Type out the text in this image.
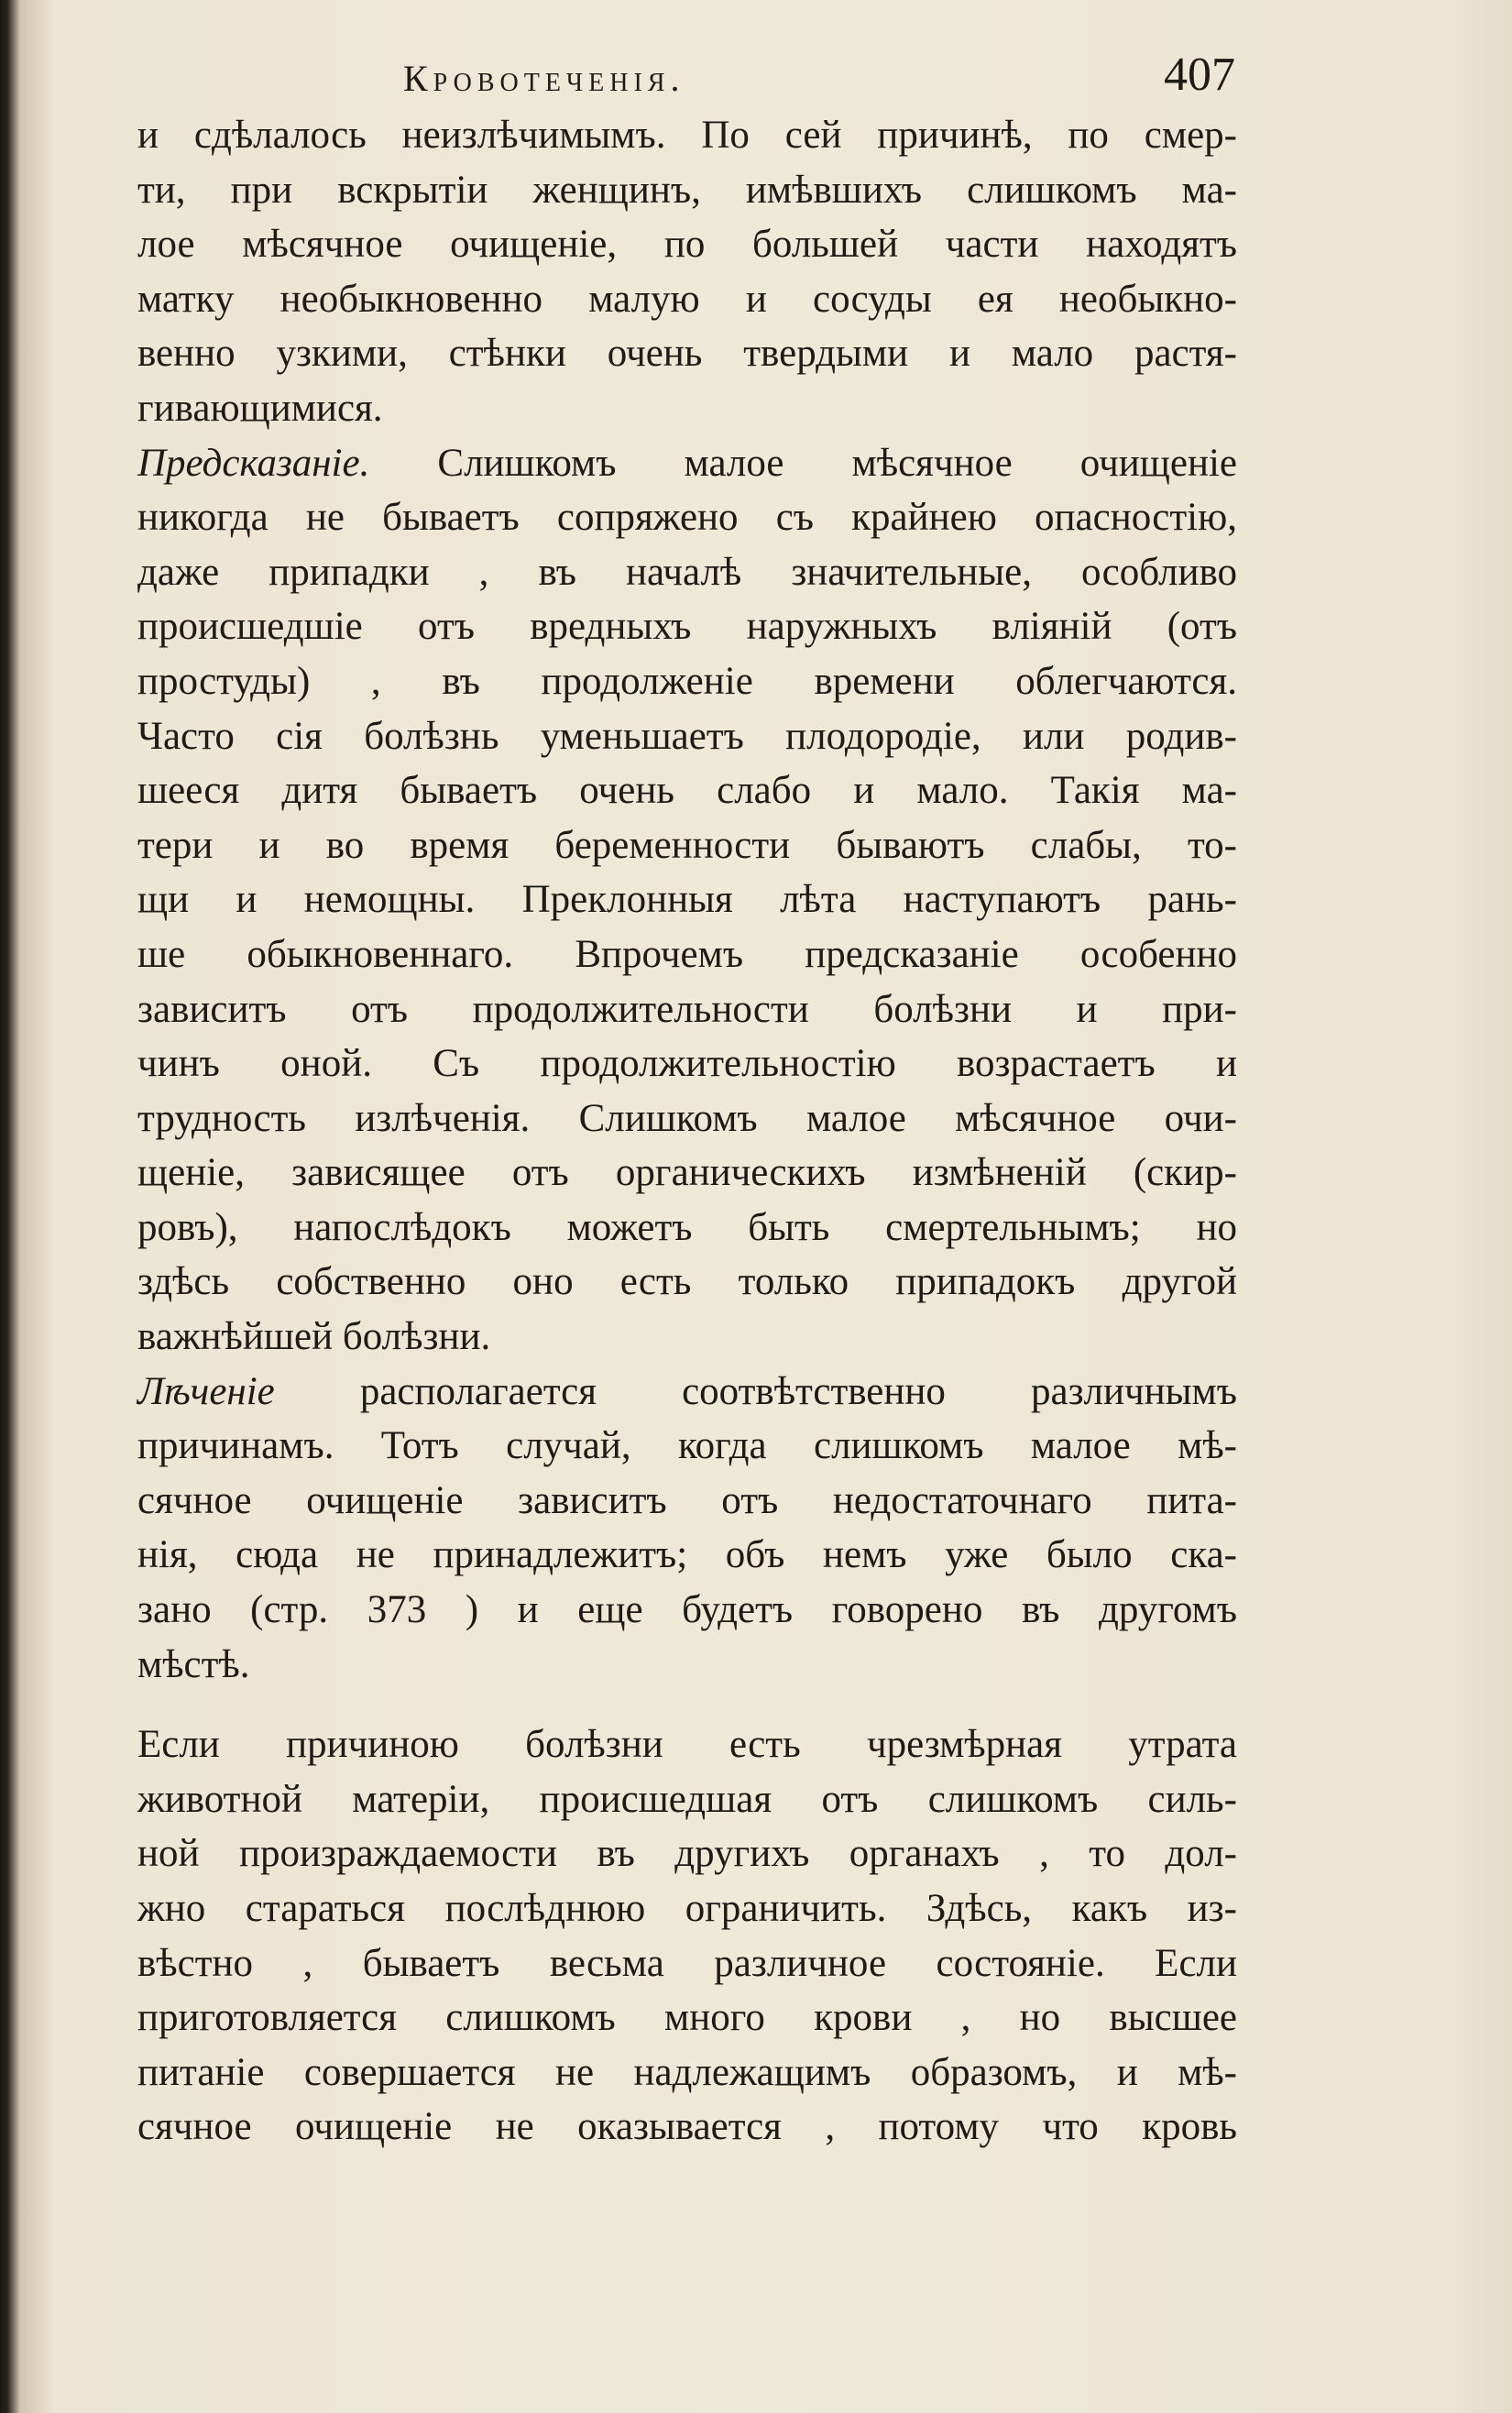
Кровотеченія.	407
и сдѣлалось неизлѣчимымъ. По сей причинѣ, по смер-
ти, при вскрытіи женщинъ, имѣвшихъ слишкомъ ма-
лое мѣсячное очищеніе, по большей части находятъ
матку необыкновенно малую и сосуды ея необыкно-
венно узкими, стѣнки очень твердыми и мало растя-
гивающимися.
Предсказаніе. Слишкомъ малое мѣсячное очищеніе
никогда не бываетъ сопряжено съ крайнею опасностію,
даже припадки , въ началѣ значительные, особливо
происшедшіе отъ вредныхъ наружныхъ вліяній (отъ
простуды) , въ продолженіе времени облегчаются.
Часто сія болѣзнь уменьшаетъ плодородіе, или родив-
шееся дитя бываетъ очень слабо и мало. Такія ма-
тери и во время беременности бываютъ слабы, то-
щи и немощны. Преклонныя лѣта наступаютъ рань-
ше обыкновеннаго. Впрочемъ предсказаніе особенно
зависитъ отъ продолжительности болѣзни и при-
чинъ оной. Съ продолжительностію возрастаетъ и
трудность излѣченія. Слишкомъ малое мѣсячное очи-
щеніе, зависящее отъ органическихъ измѣненій (скир-
ровъ), напослѣдокъ можетъ быть смертельнымъ; но
здѣсь собственно оно есть только припадокъ другой
важнѣйшей болѣзни.
Лѣченіе располагается соотвѣтственно различнымъ
причинамъ. Тотъ случай, когда слишкомъ малое мѣ-
сячное очищеніе зависитъ отъ недостаточнаго пита-
нія, сюда не принадлежитъ; объ немъ уже было ска-
зано (стр. 373 ) и еще будетъ говорено въ другомъ
мѣстѣ.
Если причиною болѣзни есть чрезмѣрная утрата
животной матеріи, происшедшая отъ слишкомъ силь-
ной произраждаемости въ другихъ органахъ , то дол-
жно стараться послѣднюю ограничить. Здѣсь, какъ из-
вѣстно , бываетъ весьма различное состояніе. Если
приготовляется слишкомъ много крови , но высшее
питаніе совершается не надлежащимъ образомъ, и мѣ-
сячное очищеніе не оказывается , потому что кровь
